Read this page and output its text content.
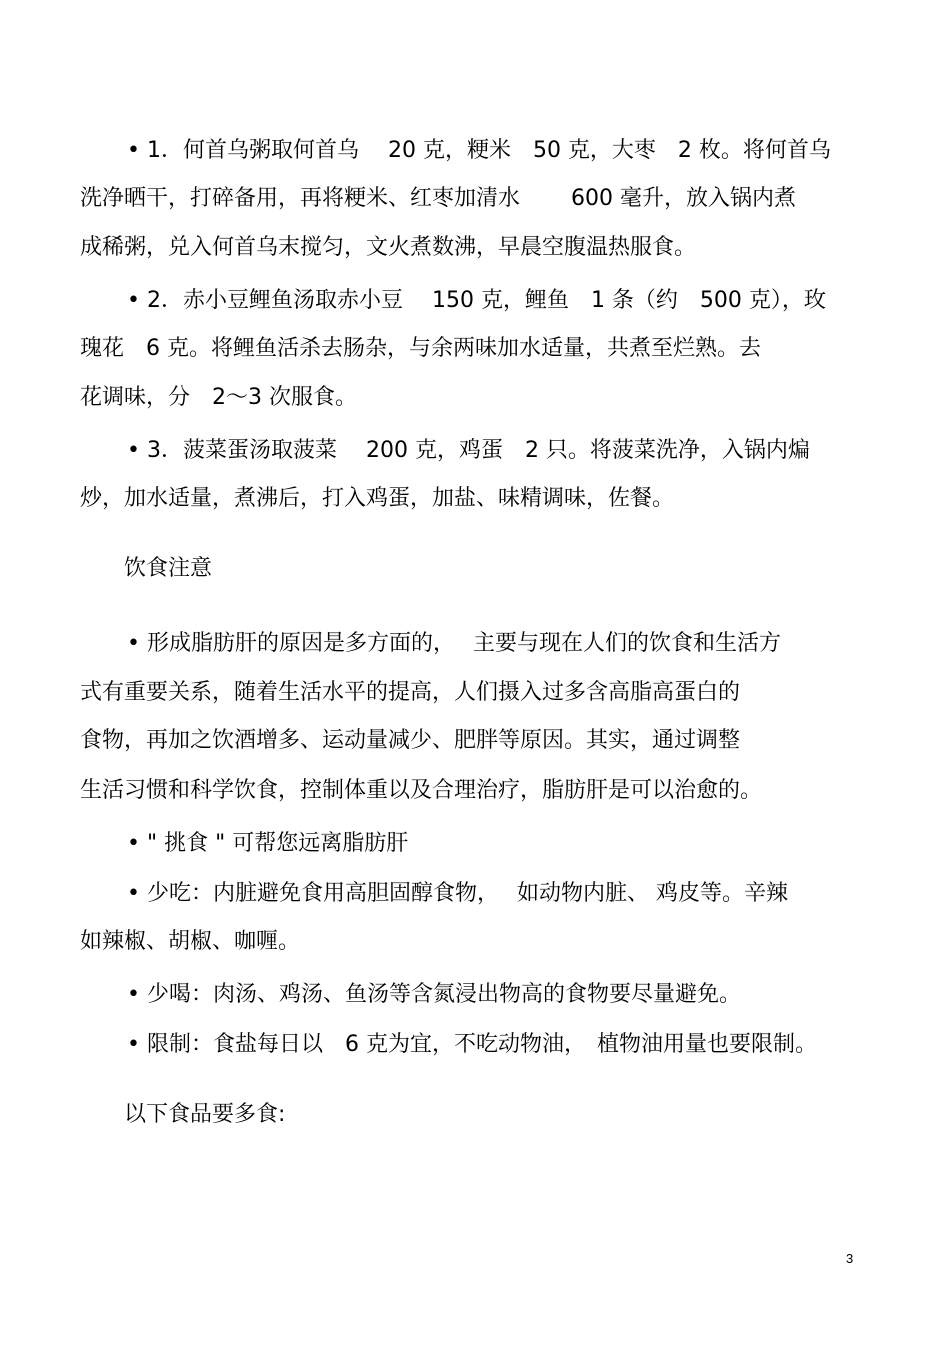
• 1．何首乌粥取何首乌　 20 克，粳米　50 克，大枣　2 枚。将何首乌
洗净晒干，打碎备用，再将粳米、红枣加清水　　 600 毫升，放入锅内煮
成稀粥，兑入何首乌末搅匀，文火煮数沸，早晨空腹温热服食。
• 2．赤小豆鲤鱼汤取赤小豆　 150 克，鲤鱼　1 条（约　500 克），玫
瑰花　6 克。将鲤鱼活杀去肠杂，与余两味加水适量，共煮至烂熟。去
花调味，分　2～3 次服食。
• 3．菠菜蛋汤取菠菜　 200 克，鸡蛋　2 只。将菠菜洗净，入锅内煸
炒，加水适量，煮沸后，打入鸡蛋，加盐、味精调味，佐餐。
饮食注意
• 形成脂肪肝的原因是多方面的，　 主要与现在人们的饮食和生活方
式有重要关系，随着生活水平的提高，人们摄入过多含高脂高蛋白的
食物，再加之饮酒增多、运动量减少、肥胖等原因。其实，通过调整
生活习惯和科学饮食，控制体重以及合理治疗，脂肪肝是可以治愈的。
• " 挑食 " 可帮您远离脂肪肝
• 少吃：内脏避免食用高胆固醇食物，　 如动物内脏、 鸡皮等。辛辣
如辣椒、胡椒、咖喱。
• 少喝：肉汤、鸡汤、鱼汤等含氮浸出物高的食物要尽量避免。
• 限制：食盐每日以　6 克为宜，不吃动物油，　植物油用量也要限制。
以下食品要多食:
3
